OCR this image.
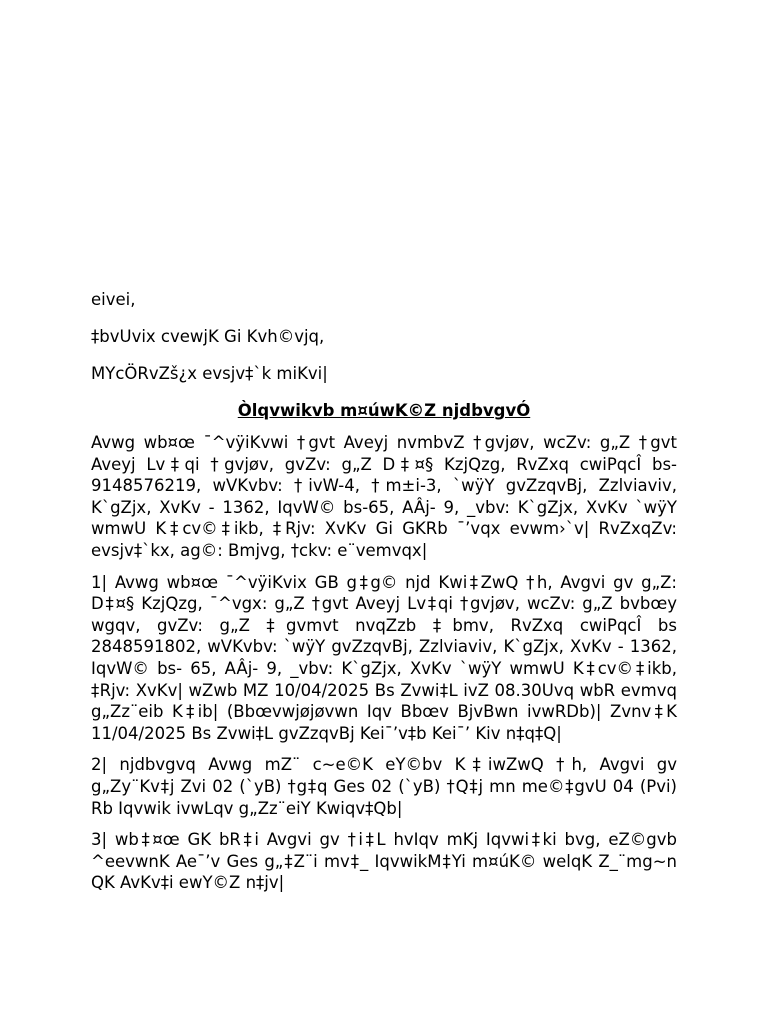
eivei,
‡bvUvix cvewjK Gi Kvh©vjq,
MYcÖRvZš¿x evsjv‡`k miKvi|
Òlqvwikvb m¤úwK©Z njdbvgvÓ
Avwg wb¤œ ¯^vÿiKvwi †gvt Aveyj nvmbvZ †gvjøv, wcZv: g„Z †gvt Aveyj Lv‡qi †gvjøv, gvZv: g„Z D‡¤§ KzjQzg, RvZxq cwiPqcÎ bs- 9148576219, wVKvbv: †ivW-4, †m±i-3, `wÿY gvZzqvBj, Zzlviaviv, K`gZjx, XvKv - 1362, IqvW© bs-65, AÂj- 9, _vbv: K`gZjx, XvKv `wÿY wmwU K‡cv©‡ikb, ‡Rjv: XvKv Gi GKRb ¯’vqx evwm›`v| RvZxqZv: evsjv‡`kx, ag©: Bmjvg, †ckv: e¨vemvqx|
1| Avwg wb¤œ ¯^vÿiKvix GB g‡g© njd Kwi‡ZwQ †h, Avgvi gv g„Z: D‡¤§ KzjQzg, ¯^vgx: g„Z †gvt Aveyj Lv‡qi †gvjøv, wcZv: g„Z bvbœy wgqv, gvZv: g„Z ‡gvmvt nvqZzb ‡bmv, RvZxq cwiPqcÎ bs 2848591802, wVKvbv: `wÿY gvZzqvBj, Zzlviaviv, K`gZjx, XvKv - 1362, IqvW© bs- 65, AÂj- 9, _vbv: K`gZjx, XvKv `wÿY wmwU K‡cv©‡ikb, ‡Rjv: XvKv| wZwb MZ 10/04/2025 Bs Zvwi‡L ivZ 08.30Uvq wbR evmvq g„Zz¨eib K‡ib| (Bbœvwjøjøvwn Iqv Bbœv BjvBwn ivwRDb)| Zvnv‡K 11/04/2025 Bs Zvwi‡L gvZzqvBj Kei¯’v‡b Kei¯’ Kiv n‡q‡Q|
2| njdbvgvq Avwg mZ¨ c~e©K eY©bv K‡iwZwQ †h, Avgvi gv g„Zy¨Kv‡j Zvi 02 (`yB) †g‡q Ges 02 (`yB) †Q‡j mn me©‡gvU 04 (Pvi) Rb Iqvwik ivwLqv g„Zz¨eiY Kwiqv‡Qb|
3| wb‡¤œ GK bR‡i Avgvi gv †i‡L hvIqv mKj Iqvwi‡ki bvg, eZ©gvb ^eevwnK Ae¯’v Ges g„‡Z¨i mv‡_ IqvwikM‡Yi m¤úK© welqK Z_¨mg~n QK AvKv‡i ewY©Z n‡jv|
